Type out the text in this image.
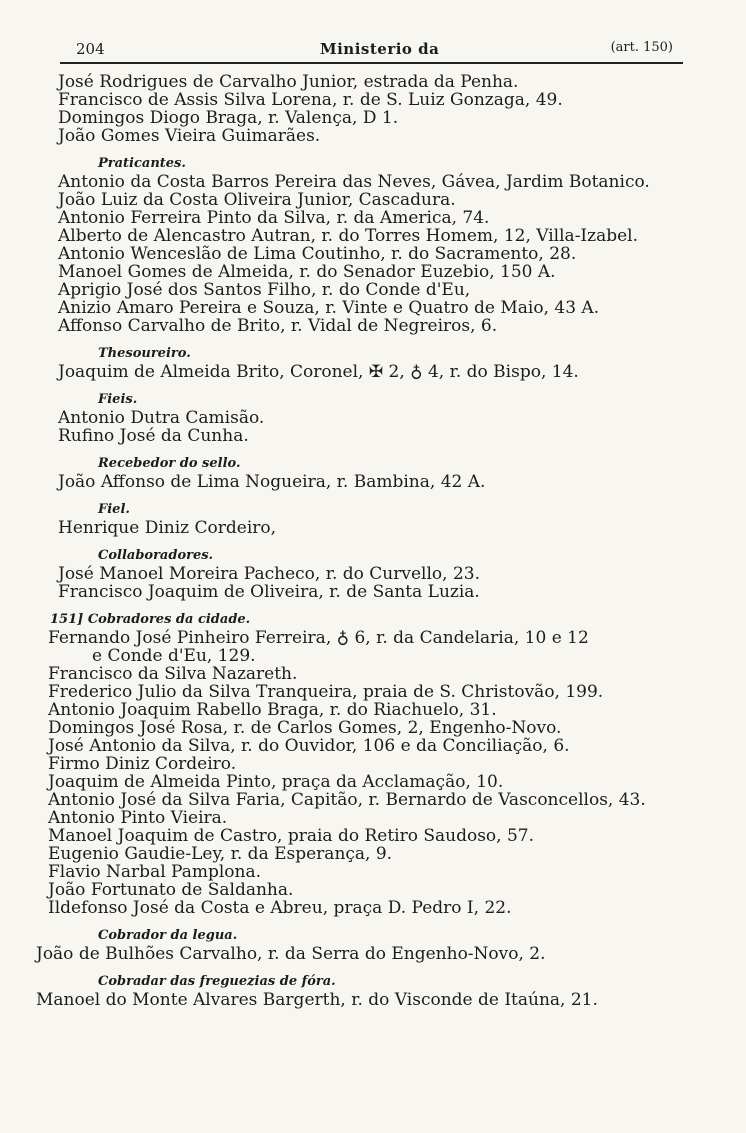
204	Ministerio da	(art. 150)
José Rodrigues de Carvalho Junior, estrada da Penha.
Francisco de Assis Silva Lorena, r. de S. Luiz Gonzaga, 49.
Domingos Diogo Braga, r. Valença, D 1.
João Gomes Vieira Guimarães.
Praticantes.
Antonio da Costa Barros Pereira das Neves, Gávea, Jardim Botanico.
João Luiz da Costa Oliveira Junior, Cascadura.
Antonio Ferreira Pinto da Silva, r. da America, 74.
Alberto de Alencastro Autran, r. do Torres Homem, 12, Villa-Izabel.
Antonio Wenceslão de Lima Coutinho, r. do Sacramento, 28.
Manoel Gomes de Almeida, r. do Senador Euzebio, 150 A.
Aprigio José dos Santos Filho, r. do Conde d'Eu,
Anizio Amaro Pereira e Souza, r. Vinte e Quatro de Maio, 43 A.
Affonso Carvalho de Brito, r. Vidal de Negreiros, 6.
Thesoureiro.
Joaquim de Almeida Brito, Coronel, ✠ 2, ♁ 4, r. do Bispo, 14.
Fieis.
Antonio Dutra Camisão.
Rufino José da Cunha.
Recebedor do sello.
João Affonso de Lima Nogueira, r. Bambina, 42 A.
Fiel.
Henrique Diniz Cordeiro,
Collaboradores.
José Manoel Moreira Pacheco, r. do Curvello, 23.
Francisco Joaquim de Oliveira, r. de Santa Luzia.
151] Cobradores da cidade.
Fernando José Pinheiro Ferreira, ♁ 6, r. da Candelaria, 10 e 12
e Conde d'Eu, 129.
Francisco da Silva Nazareth.
Frederico Julio da Silva Tranqueira, praia de S. Christovão, 199.
Antonio Joaquim Rabello Braga, r. do Riachuelo, 31.
Domingos José Rosa, r. de Carlos Gomes, 2, Engenho-Novo.
José Antonio da Silva, r. do Ouvidor, 106 e da Conciliação, 6.
Firmo Diniz Cordeiro.
Joaquim de Almeida Pinto, praça da Acclamação, 10.
Antonio José da Silva Faria, Capitão, r. Bernardo de Vasconcellos, 43.
Antonio Pinto Vieira.
Manoel Joaquim de Castro, praia do Retiro Saudoso, 57.
Eugenio Gaudie-Ley, r. da Esperança, 9.
Flavio Narbal Pamplona.
João Fortunato de Saldanha.
Ildefonso José da Costa e Abreu, praça D. Pedro I, 22.
Cobrador da legua.
João de Bulhões Carvalho, r. da Serra do Engenho-Novo, 2.
Cobradar das freguezias de fóra.
Manoel do Monte Alvares Bargerth, r. do Visconde de Itaúna, 21.
